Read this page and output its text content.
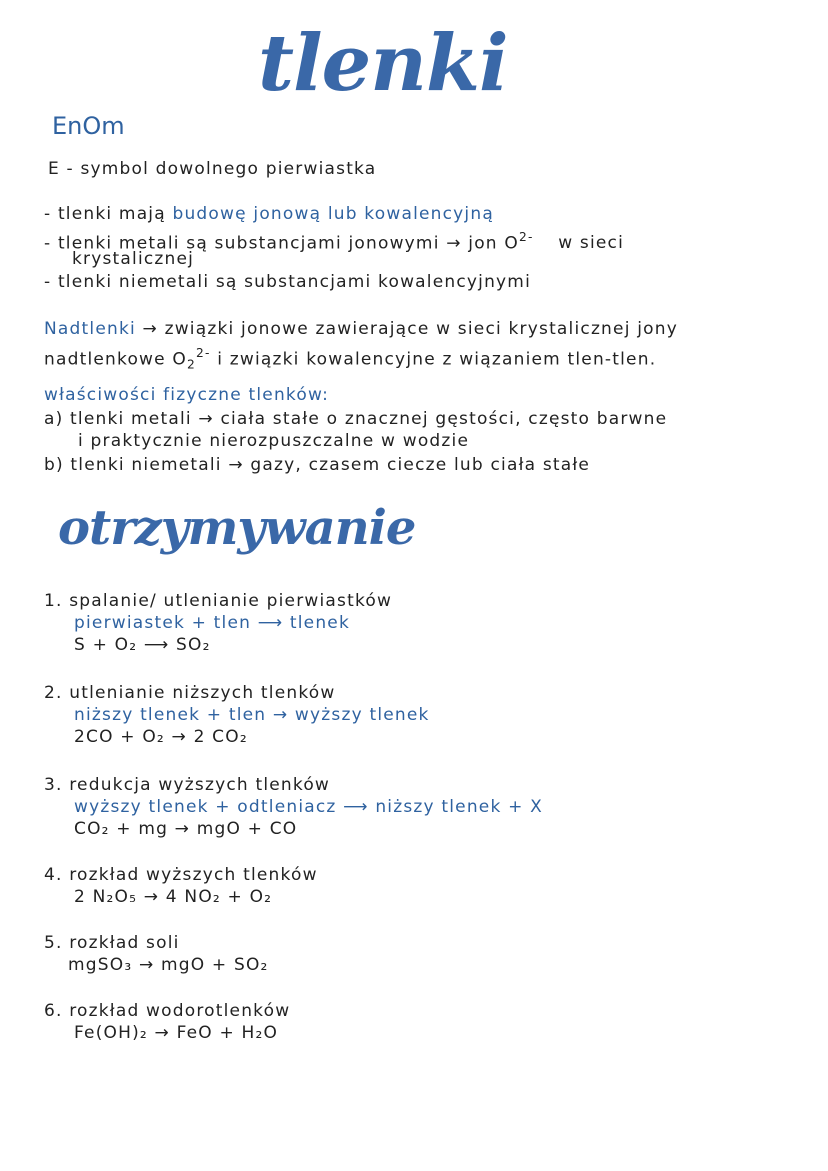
tlenki
EnOm
E - symbol dowolnego pierwiastka
- tlenki mają budowę jonową lub kowalencyjną
- tlenki metali są substancjami jonowymi → jon $O^{2-}$ w sieci
krystalicznej
- tlenki niemetali są substancjami kowalencyjnymi
Nadtlenki → związki jonowe zawierające w sieci krystalicznej jony
nadtlenkowe $O_2^{2-}$ i związki kowalencyjne z wiązaniem tlen-tlen.
właściwości fizyczne tlenków:
a) tlenki metali → ciała stałe o znacznej gęstości, często barwne
i praktycznie nierozpuszczalne w wodzie
b) tlenki niemetali → gazy, czasem ciecze lub ciała stałe
otrzymywanie
1. spalanie/ utlenianie pierwiastków
pierwiastek + tlen ⟶ tlenek
S + O₂ ⟶ SO₂
2. utlenianie niższych tlenków
niższy tlenek + tlen → wyższy tlenek
2CO + O₂ → 2 CO₂
3. redukcja wyższych tlenków
wyższy tlenek + odtleniacz ⟶ niższy tlenek + X
CO₂ + mg → mgO + CO
4. rozkład wyższych tlenków
2 N₂O₅ → 4 NO₂ + O₂
5. rozkład soli
mgSO₃ → mgO + SO₂
6. rozkład wodorotlenków
Fe(OH)₂ → FeO + H₂O
